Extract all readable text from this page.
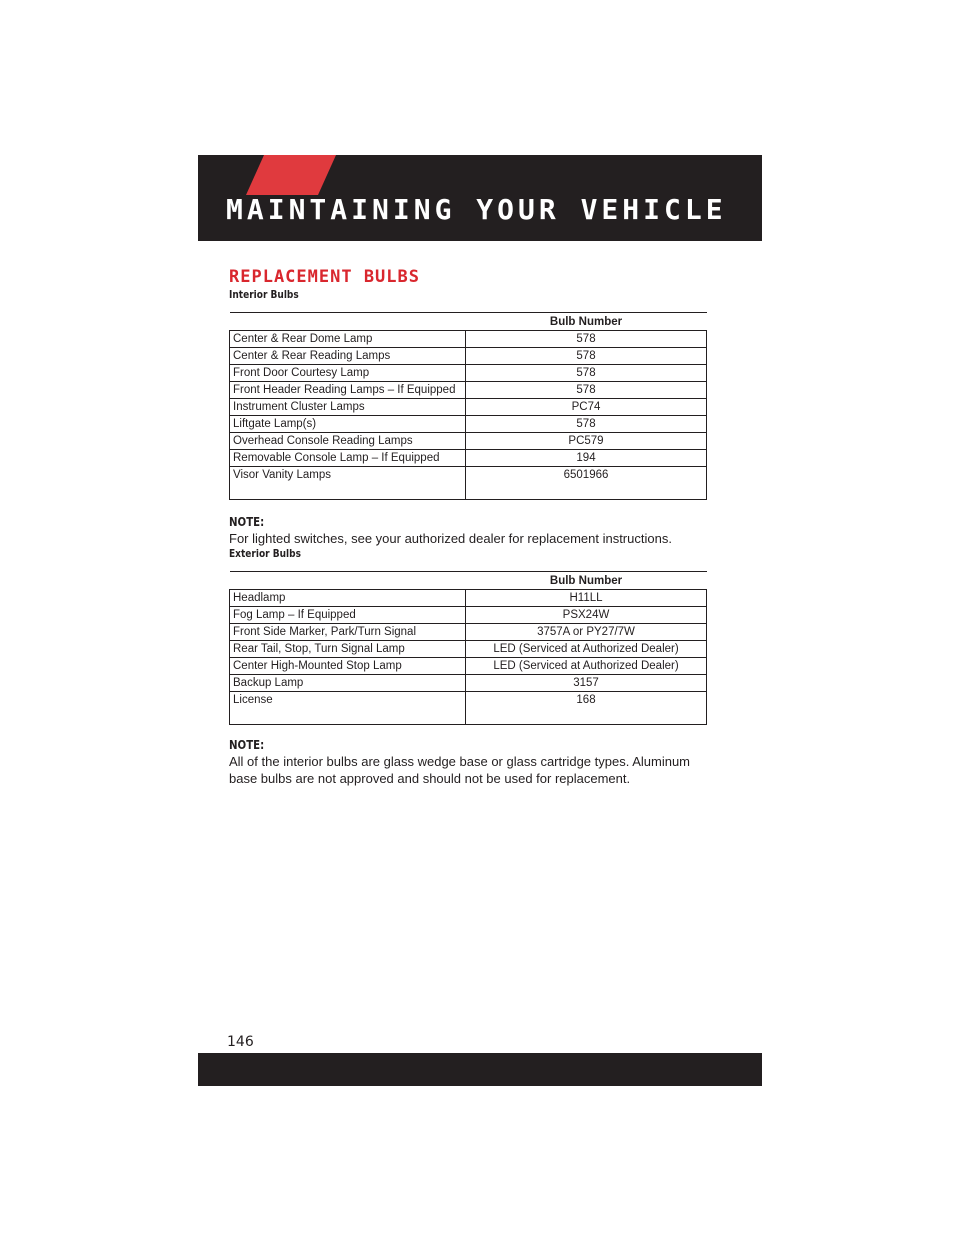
MAINTAINING YOUR VEHICLE
REPLACEMENT BULBS

Interior Bulbs

	Bulb Number
Center & Rear Dome Lamp	578
Center & Rear Reading Lamps	578
Front Door Courtesy Lamp	578
Front Header Reading Lamps – If Equipped	578
Instrument Cluster Lamps	PC74
Liftgate Lamp(s)	578
Overhead Console Reading Lamps	PC579
Removable Console Lamp – If Equipped	194
Visor Vanity Lamps	6501966

NOTE:

For lighted switches, see your authorized dealer for replacement instructions.

Exterior Bulbs

	Bulb Number
Headlamp	H11LL
Fog Lamp – If Equipped	PSX24W
Front Side Marker, Park/Turn Signal	3757A or PY27/7W
Rear Tail, Stop, Turn Signal Lamp	LED (Serviced at Authorized Dealer)
Center High-Mounted Stop Lamp	LED (Serviced at Authorized Dealer)
Backup Lamp	3157
License	168

NOTE:

All of the interior bulbs are glass wedge base or glass cartridge types. Aluminum base bulbs are not approved and should not be used for replacement.

146
